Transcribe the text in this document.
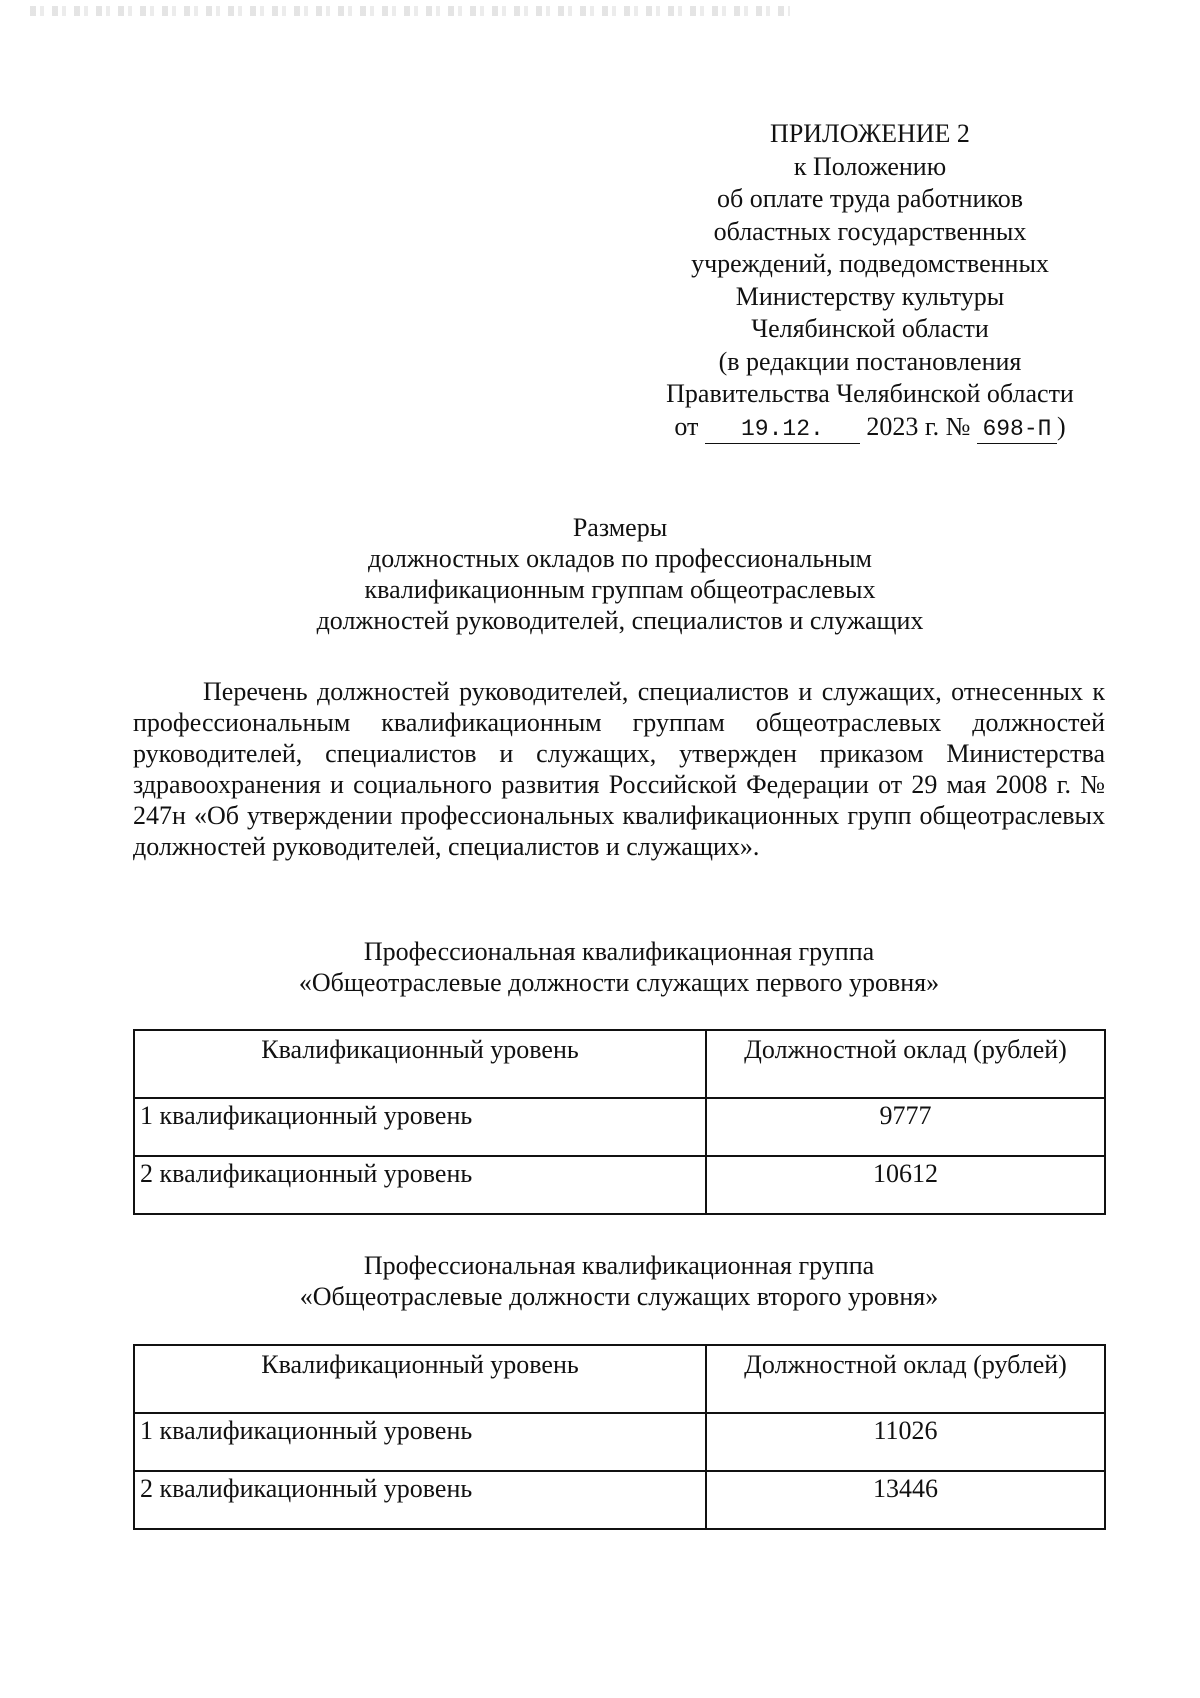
ПРИЛОЖЕНИЕ 2
к Положению
об оплате труда работников
областных государственных
учреждений, подведомственных
Министерству культуры
Челябинской области
(в редакции постановления
Правительства Челябинской области
от 19.12. 2023 г. № 698-П )
Размеры
должностных окладов по профессиональным
квалификационным группам общеотраслевых
должностей руководителей, специалистов и служащих
Перечень должностей руководителей, специалистов и служащих, отнесенных к профессиональным квалификационным группам общеотраслевых должностей руководителей, специалистов и служащих, утвержден приказом Министерства здравоохранения и социального развития Российской Федерации от 29 мая 2008 г. № 247н «Об утверждении профессиональных квалификационных групп общеотраслевых должностей руководителей, специалистов и служащих».
Профессиональная квалификационная группа
«Общеотраслевые должности служащих первого уровня»
Квалификационный уровень	Должностной оклад (рублей)
1 квалификационный уровень	9777
2 квалификационный уровень	10612
Профессиональная квалификационная группа
«Общеотраслевые должности служащих второго уровня»
Квалификационный уровень	Должностной оклад (рублей)
1 квалификационный уровень	11026
2 квалификационный уровень	13446
